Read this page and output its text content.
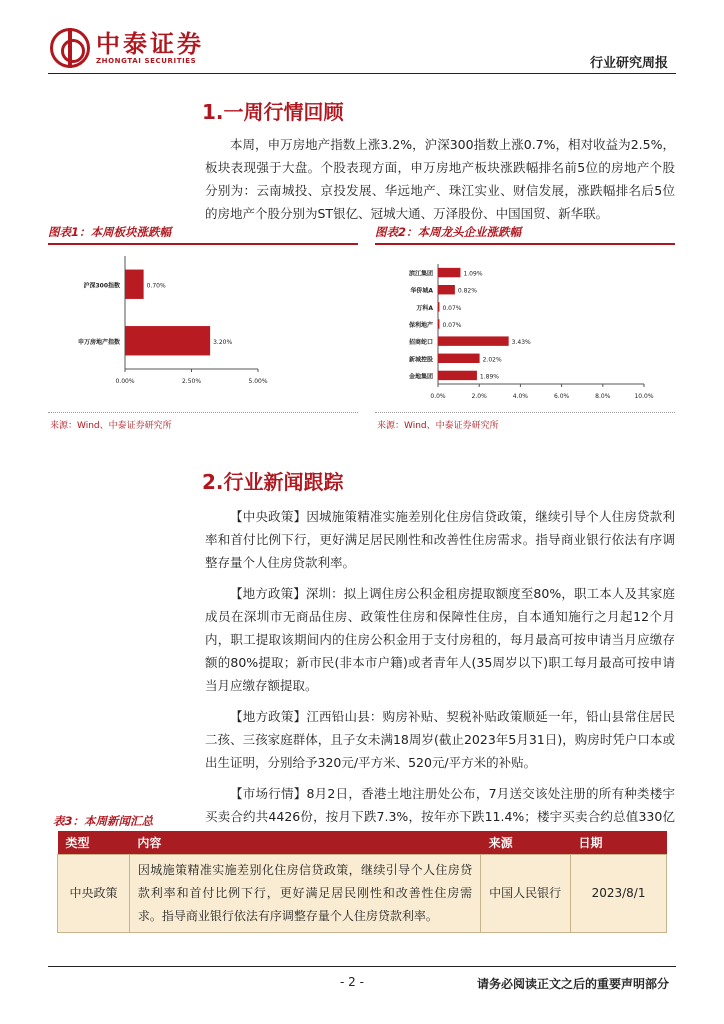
中泰证券
ZHONGTAI SECURITIES	行业研究周报
1.一周行情回顾

本周，申万房地产指数上涨3.2%，沪深300指数上涨0.7%，相对收益为2.5%，板块表现强于大盘。个股表现方面，申万房地产板块涨跌幅排名前5位的房地产个股分别为：云南城投、京投发展、华远地产、珠江实业、财信发展，涨跌幅排名后5位的房地产个股分别为ST银亿、冠城大通、万泽股份、中国国贸、新华联。

图表1：本周板块涨跌幅
沪深300指数	0.70%
申万房地产指数	3.20%
0.00%	2.50%	5.00%
来源：Wind、中泰证券研究所
图表2：本周龙头企业涨跌幅
滨江集团	1.09%
华侨城A	0.82%
万科A 0.07%
保利地产 0.07%
招商蛇口	3.43%
新城控股	2.02%
金地集团	1.89%
0.0%	2.0%	4.0%	6.0%	8.0%	10.0%
来源：Wind、中泰证券研究所
2.行业新闻跟踪

【中央政策】因城施策精准实施差别化住房信贷政策，继续引导个人住房贷款利率和首付比例下行，更好满足居民刚性和改善性住房需求。指导商业银行依法有序调整存量个人住房贷款利率。

【地方政策】深圳：拟上调住房公积金租房提取额度至80%，职工本人及其家庭成员在深圳市无商品住房、政策性住房和保障性住房，自本通知施行之月起12个月内，职工提取该期间内的住房公积金用于支付房租的，每月最高可按申请当月应缴存额的80%提取；新市民(非本市户籍)或者青年人(35周岁以下)职工每月最高可按申请当月应缴存额提取。

【地方政策】江西铅山县：购房补贴、契税补贴政策顺延一年，铅山县常住居民二孩、三孩家庭群体，且子女未满18周岁(截止2023年5月31日)，购房时凭户口本或出生证明，分别给予320元/平方米、520元/平方米的补贴。

【市场行情】8月2日，香港土地注册处公布，7月送交该处注册的所有种类楼宇买卖合约共4426份，按月下跌7.3%，按年亦下跌11.4%；楼宇买卖合约总值330亿

表3：本周新闻汇总
类型	内容	来源	日期
中央政策	因城施策精准实施差别化住房信贷政策，继续引导个人住房贷款利率和首付比例下行，更好满足居民刚性和改善性住房需求。指导商业银行依法有序调整存量个人住房贷款利率。	中国人民银行	2023/8/1
- 2 -	请务必阅读正文之后的重要声明部分
